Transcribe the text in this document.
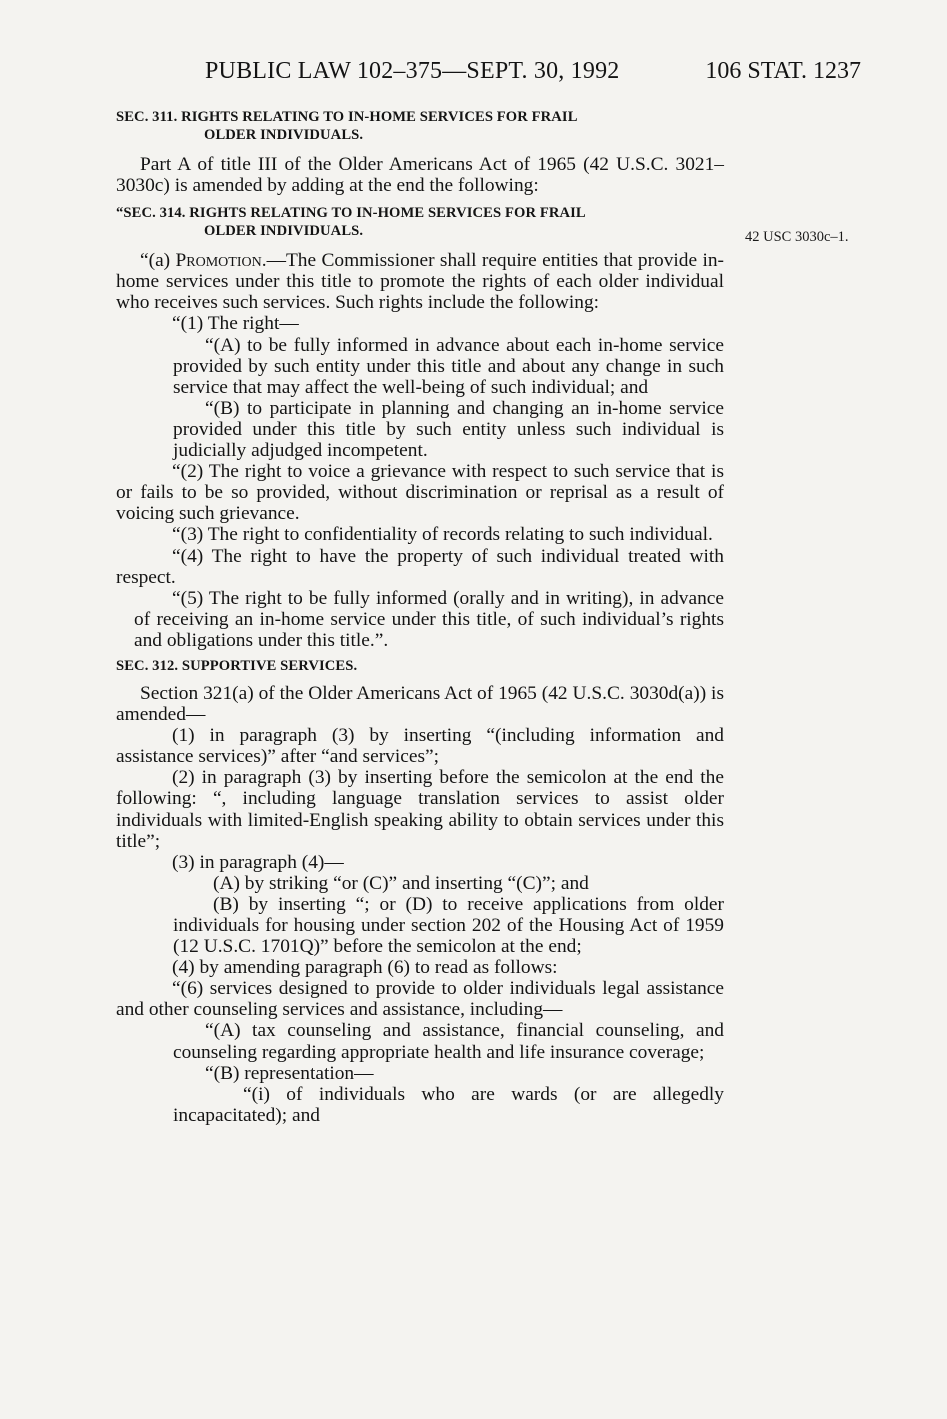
PUBLIC LAW 102–375—SEPT. 30, 1992	106 STAT. 1237
42 USC 3030c–1.

SEC. 311. RIGHTS RELATING TO IN-HOME SERVICES FOR FRAIL
OLDER INDIVIDUALS.

Part A of title III of the Older Americans Act of 1965 (42 U.S.C. 3021–3030c) is amended by adding at the end the following:

“SEC. 314. RIGHTS RELATING TO IN-HOME SERVICES FOR FRAIL
OLDER INDIVIDUALS.

“(a) Promotion.—The Commissioner shall require entities that provide in-home services under this title to promote the rights of each older individual who receives such services. Such rights include the following:

“(1) The right—

“(A) to be fully informed in advance about each in-home service provided by such entity under this title and about any change in such service that may affect the well-being of such individual; and

“(B) to participate in planning and changing an in-home service provided under this title by such entity unless such individual is judicially adjudged incompetent.

“(2) The right to voice a grievance with respect to such service that is or fails to be so provided, without discrimination or reprisal as a result of voicing such grievance.

“(3) The right to confidentiality of records relating to such individual.

“(4) The right to have the property of such individual treated with respect.

“(5) The right to be fully informed (orally and in writing), in advance of receiving an in-home service under this title, of such individual’s rights and obligations under this title.”.

SEC. 312. SUPPORTIVE SERVICES.

Section 321(a) of the Older Americans Act of 1965 (42 U.S.C. 3030d(a)) is amended—

(1) in paragraph (3) by inserting “(including information and assistance services)” after “and services”;

(2) in paragraph (3) by inserting before the semicolon at the end the following: “, including language translation services to assist older individuals with limited-English speaking ability to obtain services under this title”;

(3) in paragraph (4)—

(A) by striking “or (C)” and inserting “(C)”; and

(B) by inserting “; or (D) to receive applications from older individuals for housing under section 202 of the Housing Act of 1959 (12 U.S.C. 1701Q)” before the semicolon at the end;

(4) by amending paragraph (6) to read as follows:

“(6) services designed to provide to older individuals legal assistance and other counseling services and assistance, including—

“(A) tax counseling and assistance, financial counseling, and counseling regarding appropriate health and life insurance coverage;

“(B) representation—

“(i) of individuals who are wards (or are allegedly incapacitated); and
